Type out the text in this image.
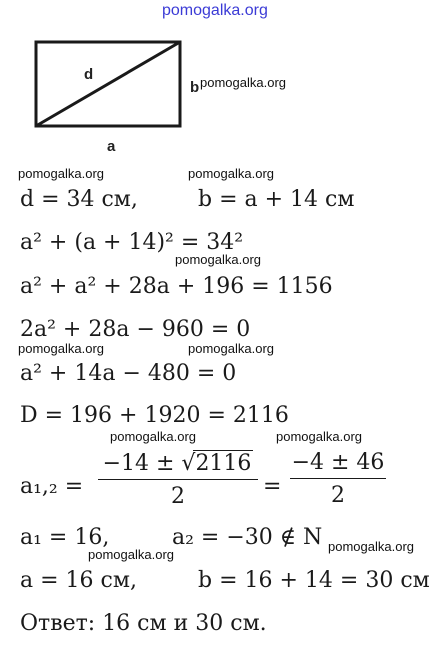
pomogalka.org
d
b
a
pomogalka.org
pomogalka.org	pomogalka.org
pomogalka.org
pomogalka.org	pomogalka.org
pomogalka.org	pomogalka.org
pomogalka.org
pomogalka.org
d = 34 см,	b = a + 14 см
a² + (a + 14)² = 34²
a² + a² + 28a + 196 = 1156
2a² + 28a − 960 = 0
a² + 14a − 480 = 0
D = 196 + 1920 = 2116
a₁,₂ =
−14 ± √2116
2	=
−4 ± 46
2
a₁ = 16,	a₂ = −30 ∉ N
a = 16 см,	b = 16 + 14 = 30 см
Ответ: 16 см и 30 см.
